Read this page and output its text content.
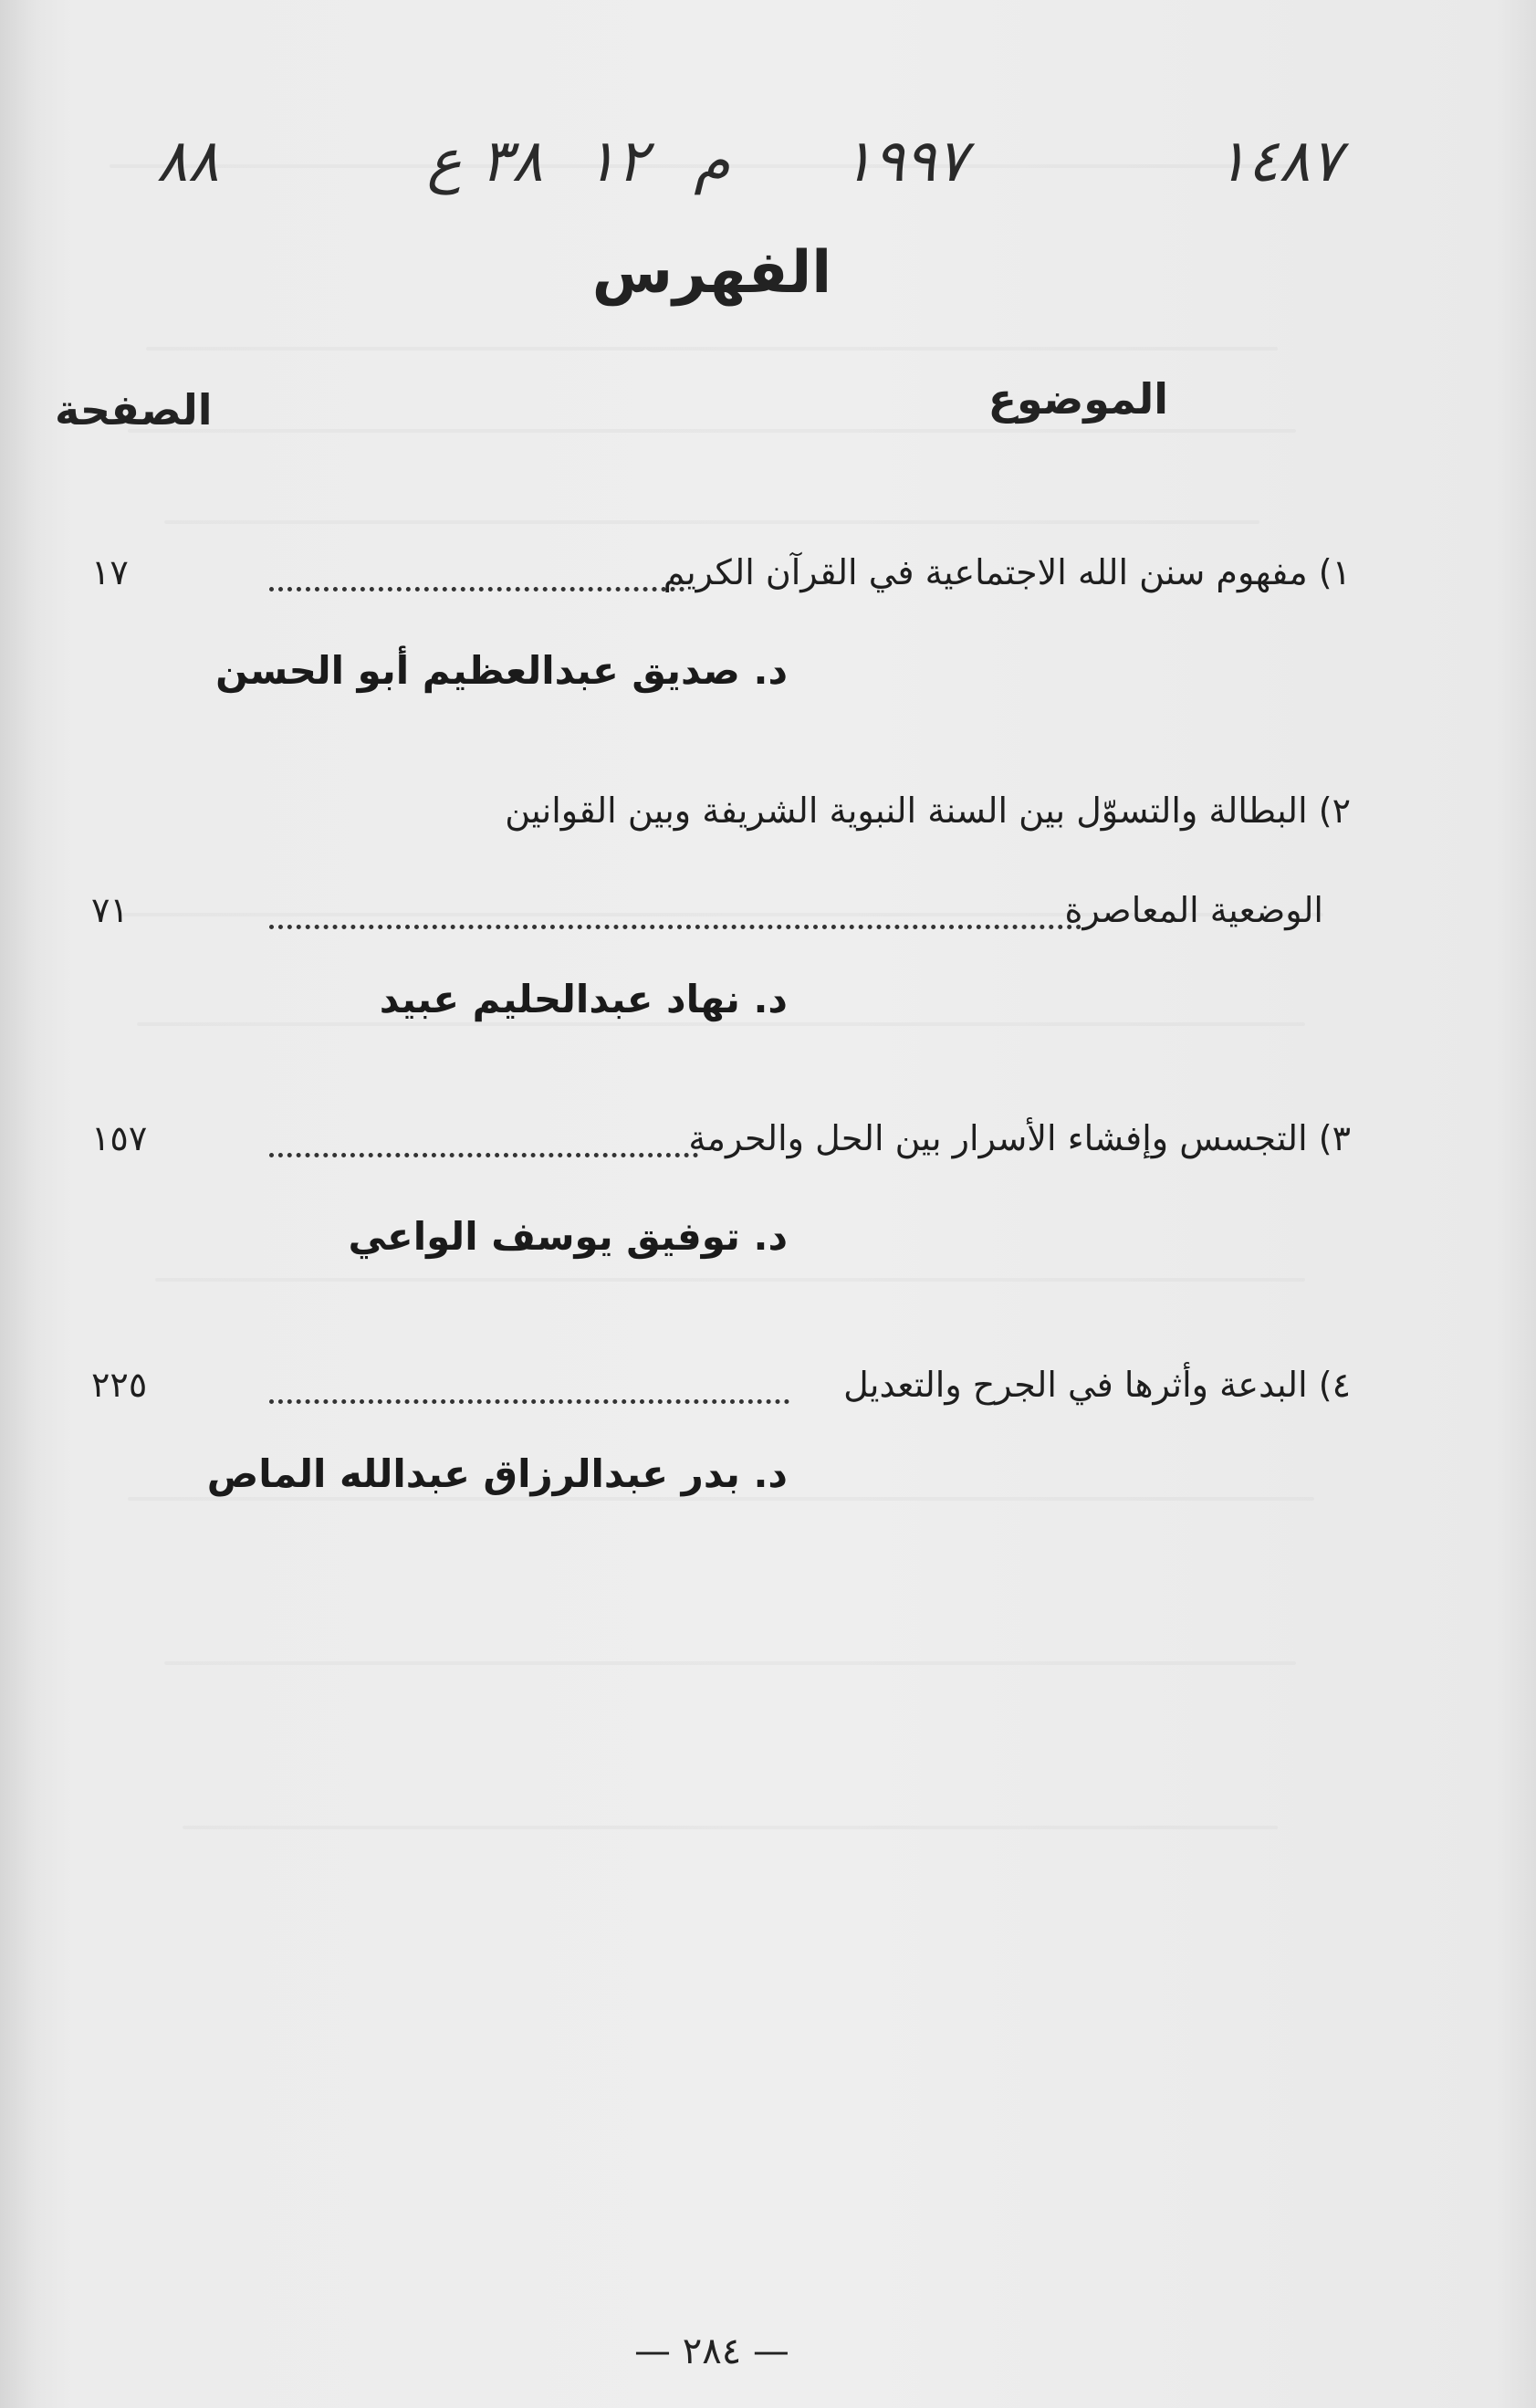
١٤٨٧
١٩٩٧
م
١٢
٣٨ ع
٨٨
الفهرس
الموضوع
الصفحة
١) مفهوم سنن الله الاجتماعية في القرآن الكريم
١٧
د. صديق عبدالعظيم أبو الحسن
٢) البطالة والتسوّل بين السنة النبوية الشريفة وبين القوانين
الوضعية المعاصرة
٧١
د. نهاد عبدالحليم عبيد
٣) التجسس وإفشاء الأسرار بين الحل والحرمة
١٥٧
د. توفيق يوسف الواعي
٤) البدعة وأثرها في الجرح والتعديل
٢٢٥
د. بدر عبدالرزاق عبدالله الماص
— ٢٨٤ —
